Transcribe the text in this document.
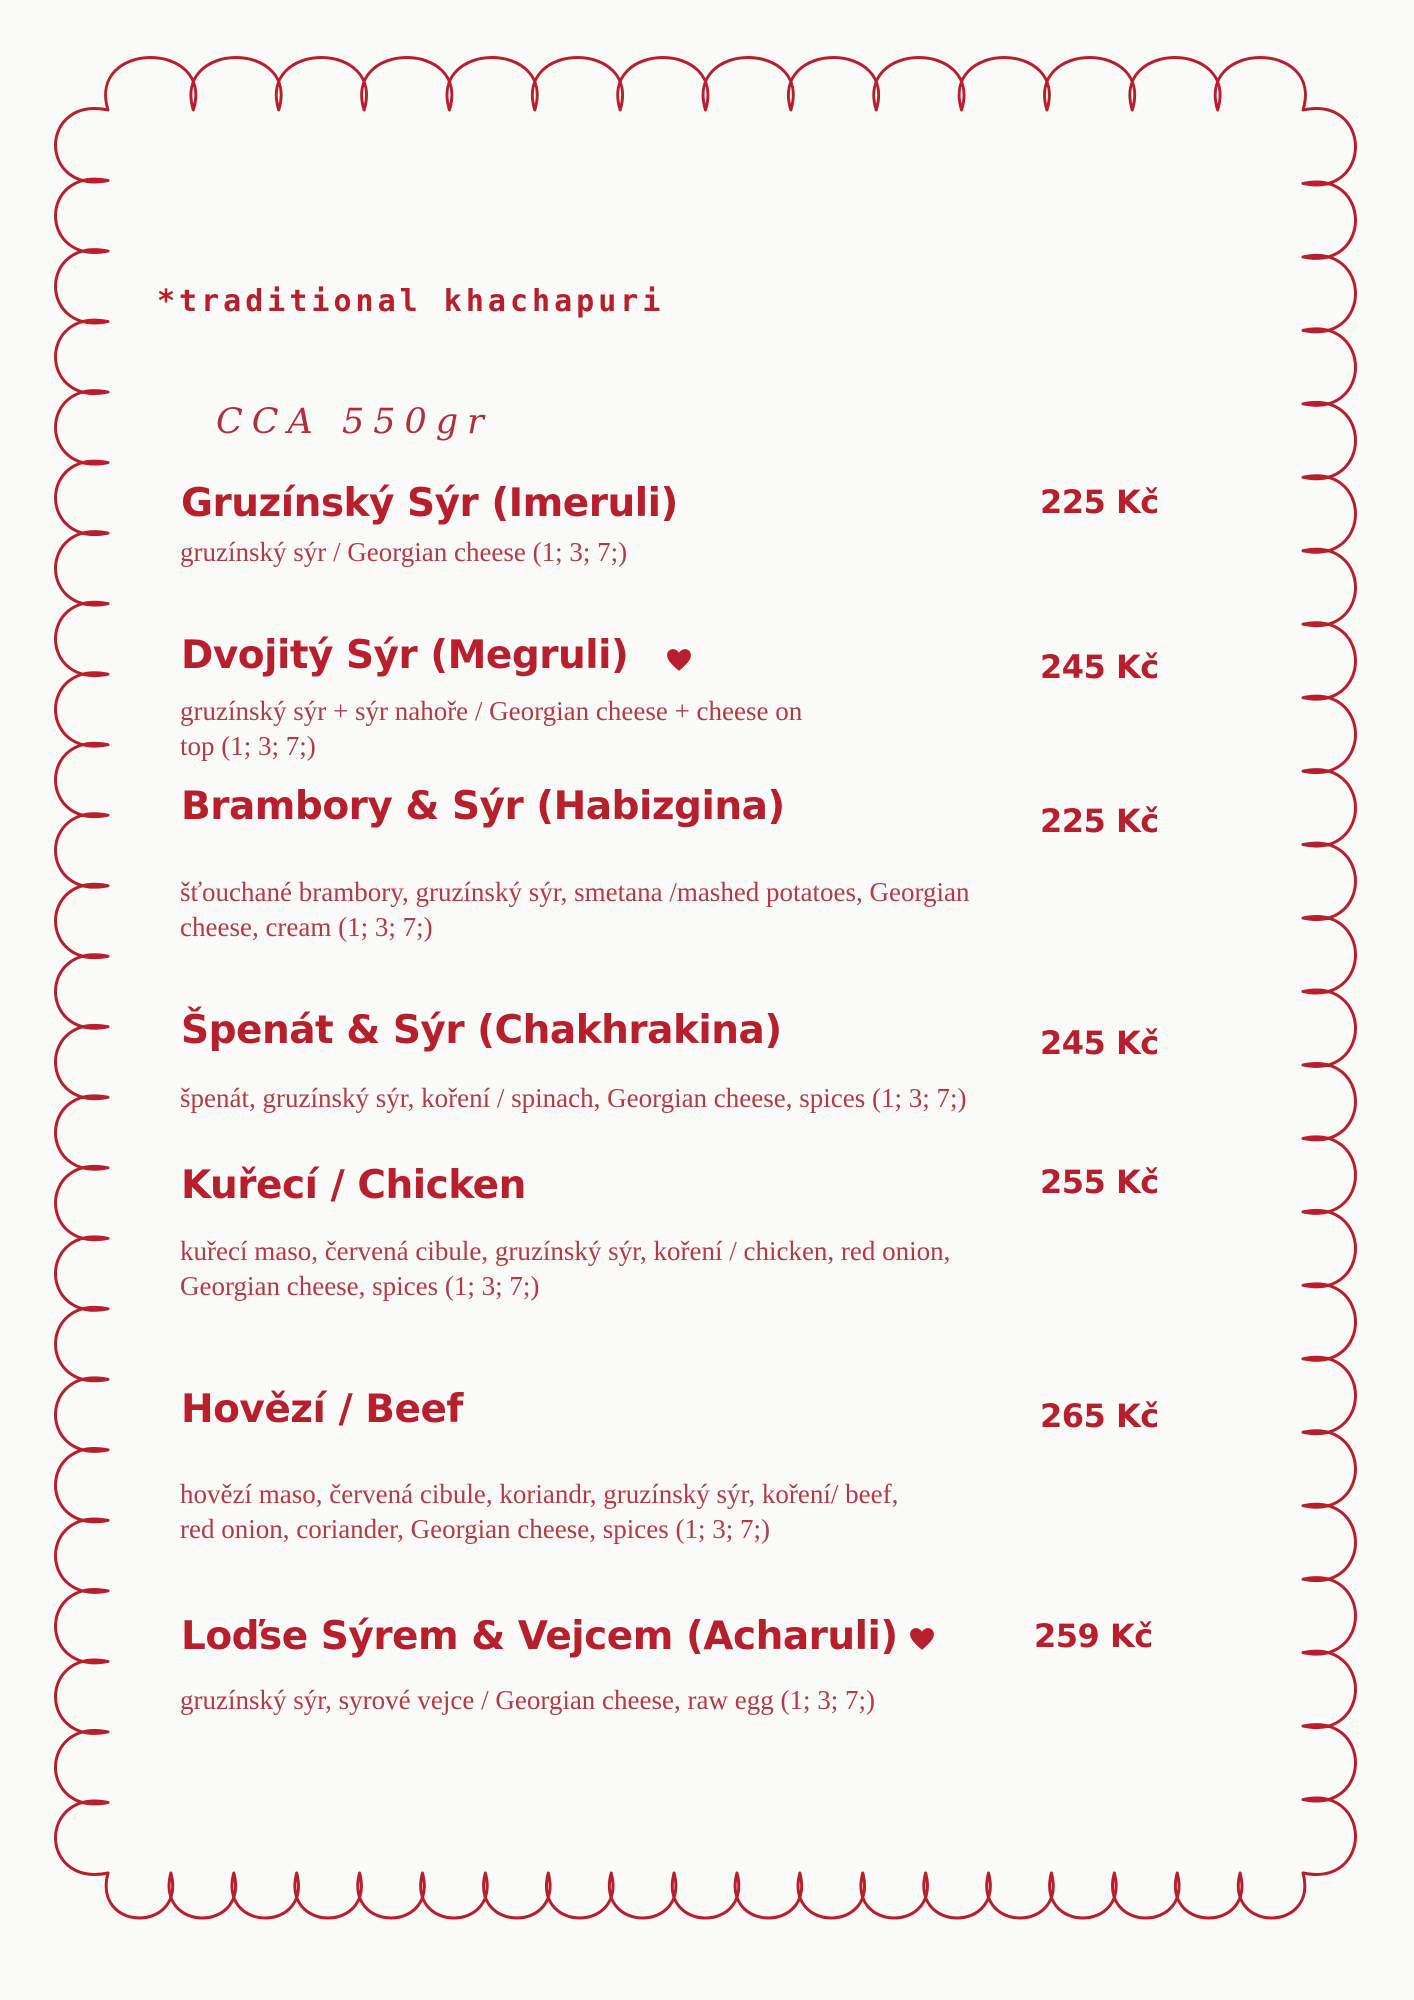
*traditional khachapuri
CCA 550gr
Gruzínský Sýr (Imeruli)	225 Kč
gruzínský sýr / Georgian cheese (1; 3; 7;)
Dvojitý Sýr (Megruli)	245 Kč
gruzínský sýr + sýr nahoře / Georgian cheese + cheese on top (1; 3; 7;)
Brambory & Sýr (Habizgina)	225 Kč
šťouchané brambory, gruzínský sýr, smetana /mashed potatoes, Georgian cheese, cream (1; 3; 7;)
Špenát & Sýr (Chakhrakina)	245 Kč
špenát, gruzínský sýr, koření / spinach, Georgian cheese, spices (1; 3; 7;)
Kuřecí / Chicken	255 Kč
kuřecí maso, červená cibule, gruzínský sýr, koření / chicken, red onion, Georgian cheese, spices (1; 3; 7;)
Hovězí / Beef	265 Kč
hovězí maso, červená cibule, koriandr, gruzínský sýr, koření/ beef, red onion, coriander, Georgian cheese, spices (1; 3; 7;)
Loďse Sýrem & Vejcem (Acharuli)	259 Kč
gruzínský sýr, syrové vejce / Georgian cheese, raw egg (1; 3; 7;)
